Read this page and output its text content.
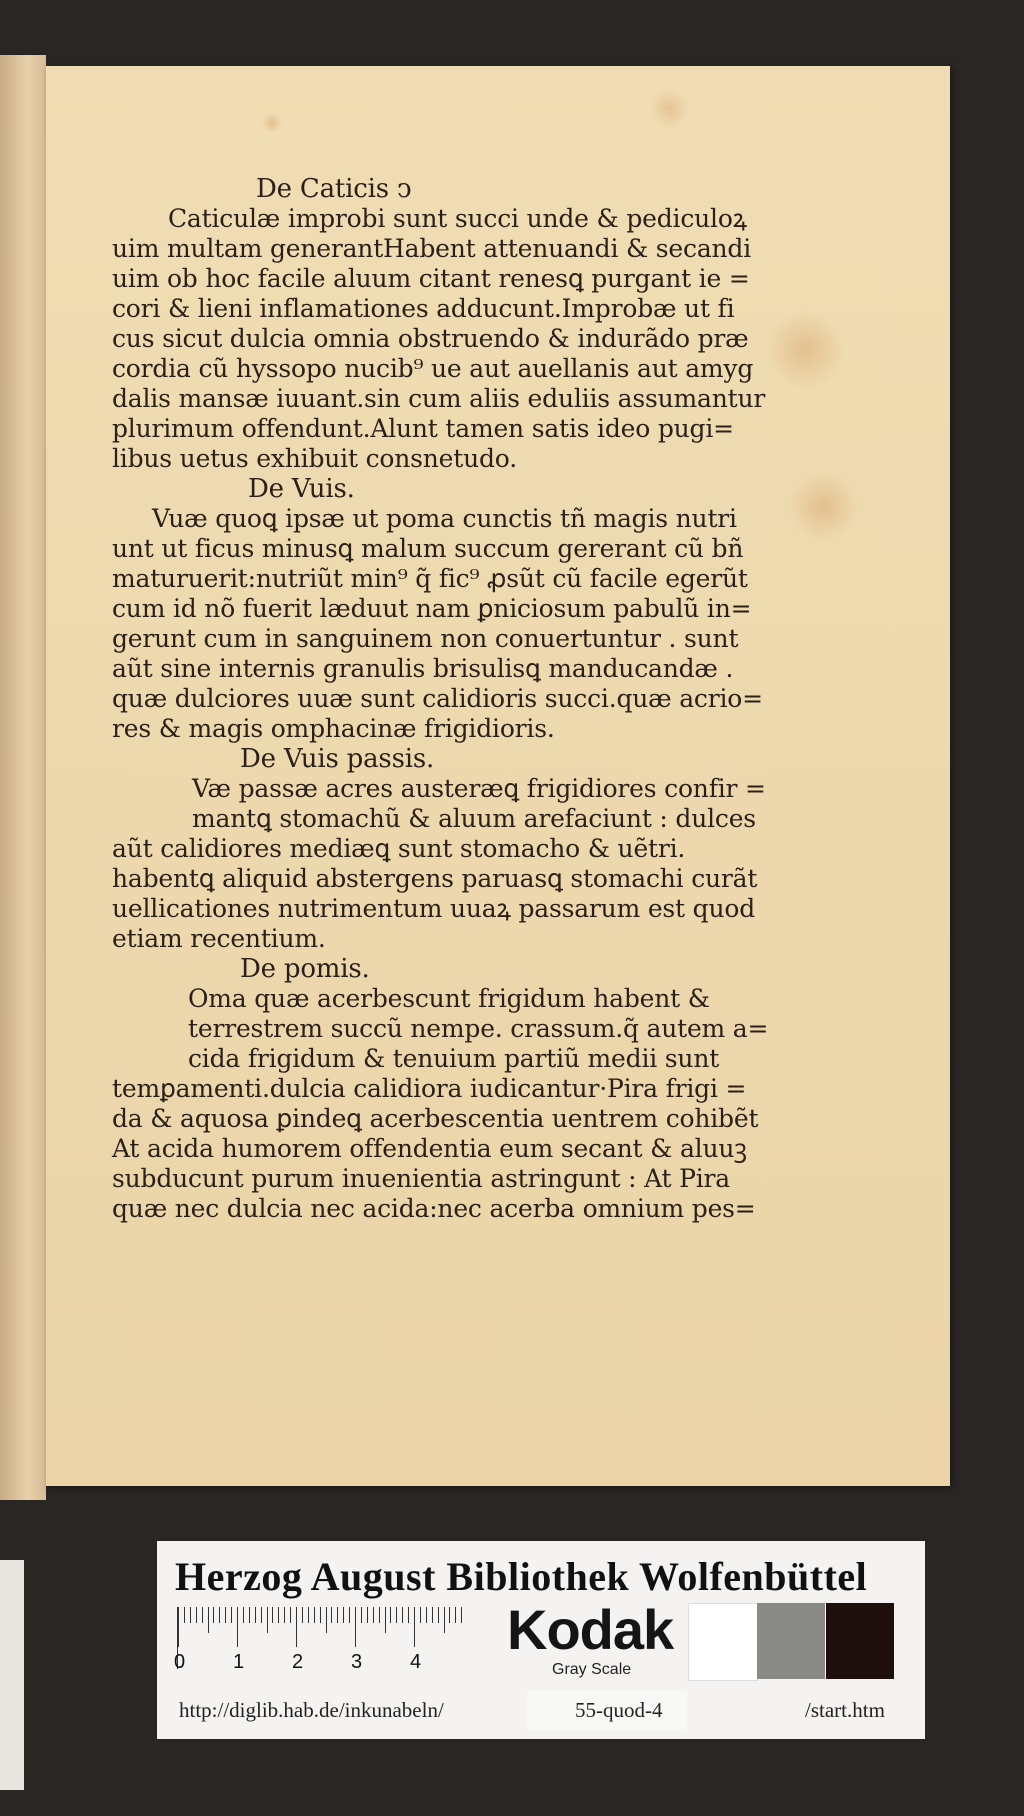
De Caticis ↄ
Caticulæ improbi sunt succi unde & pediculoꝝ
uim multam generantHabent attenuandi & secandi
uim ob hoc facile aluum citant renesꝗ purgant ie =
cori & lieni inflamationes adducunt.Improbæ ut fi
cus sicut dulcia omnia obstruendo & indurãdo præ
cordia cũ hyssopo nucib⁹ ue aut auellanis aut amyg
dalis mansæ iuuant.sin cum aliis eduliis assumantur
plurimum offendunt.Alunt tamen satis ideo pugi=
libus uetus exhibuit consnetudo.
De Vuis.
Vuæ quoꝗ ipsæ ut poma cunctis tñ magis nutri
unt ut ficus minusꝗ malum succum gererant cũ bñ
maturuerit:nutriũt min⁹ q̃ fic⁹ ꝓsũt cũ facile egerũt
cum id nõ fuerit læduut nam ꝑniciosum pabulũ in=
gerunt cum in sanguinem non conuertuntur . sunt
aũt sine internis granulis brisulisꝗ manducandæ .
quæ dulciores uuæ sunt calidioris succi.quæ acrio=
res & magis omphacinæ frigidioris.
De Vuis passis.
Væ passæ acres austeræꝗ frigidiores confir =
mantꝗ stomachũ & aluum arefaciunt : dulces
aũt calidiores mediæꝗ sunt stomacho & uẽtri.
habentꝗ aliquid abstergens paruasꝗ stomachi curãt
uellicationes nutrimentum uuaꝝ passarum est quod
etiam recentium.
De pomis.
Oma quæ acerbescunt frigidum habent &
terrestrem succũ nempe. crassum.q̃ autem a=
cida frigidum & tenuium partiũ medii sunt
temꝑamenti.dulcia calidiora iudicantur·Pira frigi =
da & aquosa ꝑindeꝗ acerbescentia uentrem cohibẽt
At acida humorem offendentia eum secant & aluuꝫ
subducunt purum inuenientia astringunt : At Pira
quæ nec dulcia nec acida:nec acerba omnium pes=
Herzog August Bibliothek Wolfenbüttel
0 1 2 3 4
Kodak
Gray Scale
http://diglib.hab.de/inkunabeln/	55-quod-4	/start.htm
